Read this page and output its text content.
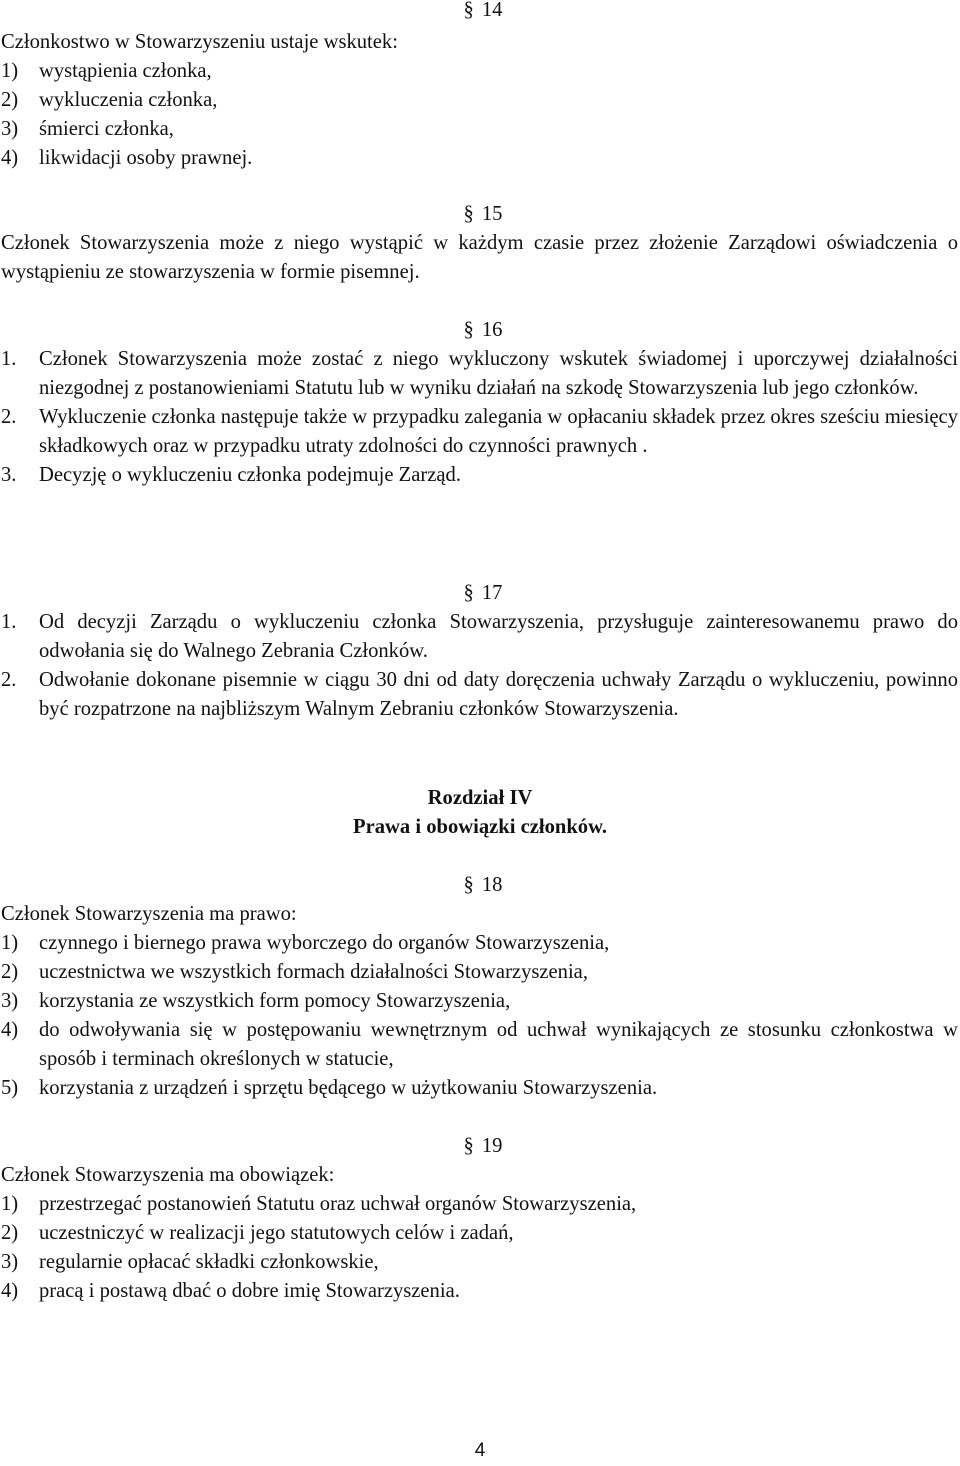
§ 14

Członkostwo w Stowarzyszeniu ustaje wskutek:

1) wystąpienia członka,
2) wykluczenia członka,
3) śmierci członka,
4) likwidacji osoby prawnej.
§ 15

Członek Stowarzyszenia może z niego wystąpić w każdym czasie przez złożenie Zarządowi oświadczenia o wystąpieniu ze stowarzyszenia w formie pisemnej.

§ 16
1. Członek Stowarzyszenia może zostać z niego wykluczony wskutek świadomej i uporczywej działalności niezgodnej z postanowieniami Statutu lub w wyniku działań na szkodę Stowarzyszenia lub jego członków.
2. Wykluczenie członka następuje także w przypadku zalegania w opłacaniu składek przez okres sześciu miesięcy składkowych oraz w przypadku utraty zdolności do czynności prawnych .
3. Decyzję o wykluczeniu członka podejmuje Zarząd.
§ 17
1. Od decyzji Zarządu o wykluczeniu członka Stowarzyszenia, przysługuje zainteresowanemu prawo do odwołania się do Walnego Zebrania Członków.
2. Odwołanie dokonane pisemnie w ciągu 30 dni od daty doręczenia uchwały Zarządu o wykluczeniu, powinno być rozpatrzone na najbliższym Walnym Zebraniu członków Stowarzyszenia.
Rozdział IV
Prawa i obowiązki członków.
§ 18

Członek Stowarzyszenia ma prawo:

1) czynnego i biernego prawa wyborczego do organów Stowarzyszenia,
2) uczestnictwa we wszystkich formach działalności Stowarzyszenia,
3) korzystania ze wszystkich form pomocy Stowarzyszenia,
4) do odwoływania się w postępowaniu wewnętrznym od uchwał wynikających ze stosunku członkostwa w sposób i terminach określonych w statucie,
5) korzystania z urządzeń i sprzętu będącego w użytkowaniu Stowarzyszenia.
§ 19

Członek Stowarzyszenia ma obowiązek:

1) przestrzegać postanowień Statutu oraz uchwał organów Stowarzyszenia,
2) uczestniczyć w realizacji jego statutowych celów i zadań,
3) regularnie opłacać składki członkowskie,
4) pracą i postawą dbać o dobre imię Stowarzyszenia.
4
